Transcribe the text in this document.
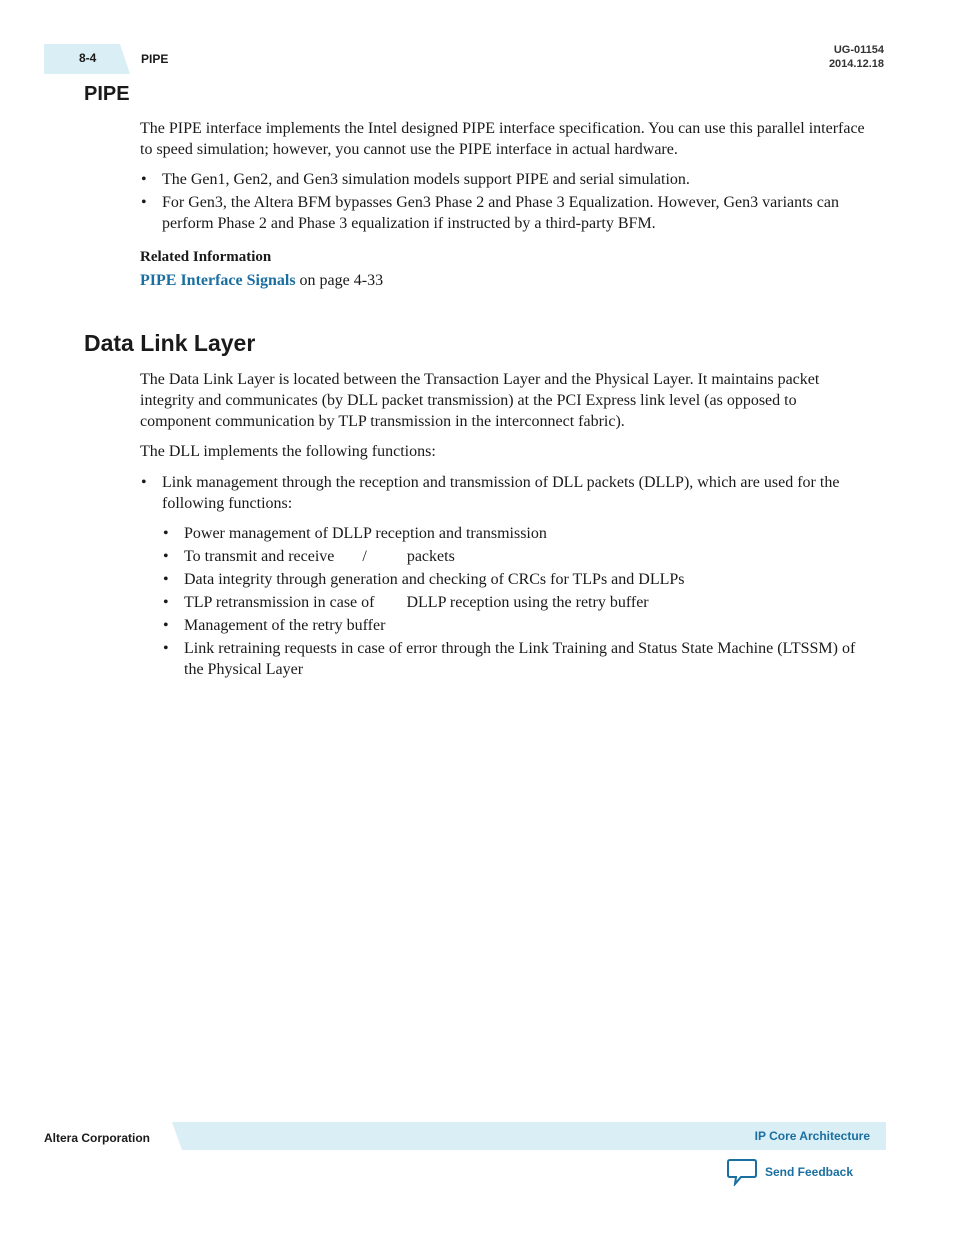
8-4	PIPE
UG-01154
2014.12.18
PIPE

The PIPE interface implements the Intel designed PIPE interface specification. You can use this parallel interface to speed simulation; however, you cannot use the PIPE interface in actual hardware.

• The Gen1, Gen2, and Gen3 simulation models support PIPE and serial simulation.
• For Gen3, the Altera BFM bypasses Gen3 Phase 2 and Phase 3 Equalization. However, Gen3 variants can perform Phase 2 and Phase 3 equalization if instructed by a third-party BFM.
Related Information
PIPE Interface Signals on page 4-33
Data Link Layer

The Data Link Layer is located between the Transaction Layer and the Physical Layer. It maintains packet integrity and communicates (by DLL packet transmission) at the PCI Express link level (as opposed to component communication by TLP transmission in the interconnect fabric).

The DLL implements the following functions:

• Link management through the reception and transmission of DLL packets (DLLP), which are used for the following functions:
• Power management of DLLP reception and transmission
• To transmit and receive       /          packets
• Data integrity through generation and checking of CRCs for TLPs and DLLPs
• TLP retransmission in case of        DLLP reception using the retry buffer
• Management of the retry buffer
• Link retraining requests in case of error through the Link Training and Status State Machine (LTSSM) of the Physical Layer
Altera Corporation	IP Core Architecture
Send Feedback
